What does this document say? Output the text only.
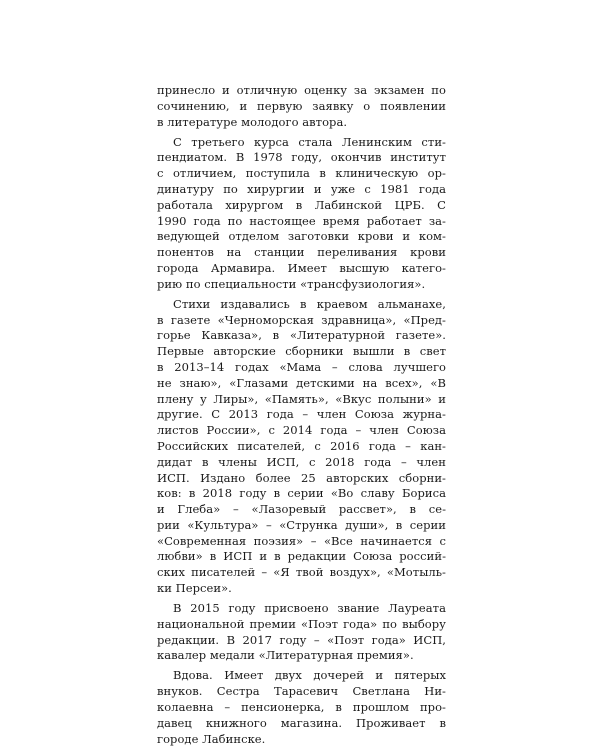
принесло и отличную оценку за экзамен по
сочинению, и первую заявку о появлении
в литературе молодого автора.

С третьего курса стала Ленинским сти-
пендиатом. В 1978 году, окончив институт
с отличием, поступила в клиническую ор-
динатуру по хирургии и уже с 1981 года
работала хирургом в Лабинской ЦРБ. С
1990 года по настоящее время работает за-
ведующей отделом заготовки крови и ком-
понентов на станции переливания крови
города Армавира. Имеет высшую катего-
рию по специальности «трансфузиология».

Стихи издавались в краевом альманахе,
в газете «Черноморская здравница», «Пред-
горье Кавказа», в «Литературной газете».
Первые авторские сборники вышли в свет
в 2013–14 годах «Мама – слова лучшего
не знаю», «Глазами детскими на всех», «В
плену у Лиры», «Память», «Вкус полыни» и
другие. С 2013 года – член Союза журна-
листов России», с 2014 года – член Союза
Российских писателей, с 2016 года – кан-
дидат в члены ИСП, с 2018 года – член
ИСП. Издано более 25 авторских сборни-
ков: в 2018 году в серии «Во славу Бориса
и Глеба» – «Лазоревый рассвет», в се-
рии «Культура» – «Струнка души», в серии
«Современная поэзия» – «Все начинается с
любви» в ИСП и в редакции Союза россий-
ских писателей – «Я твой воздух», «Мотыль-
ки Персеи».

В 2015 году присвоено звание Лауреата
национальной премии «Поэт года» по выбору
редакции. В 2017 году – «Поэт года» ИСП,
кавалер медали «Литературная премия».

Вдова. Имеет двух дочерей и пятерых
внуков. Сестра Тарасевич Светлана Ни-
колаевна – пенсионерка, в прошлом про-
давец книжного магазина. Проживает в
городе Лабинске.
